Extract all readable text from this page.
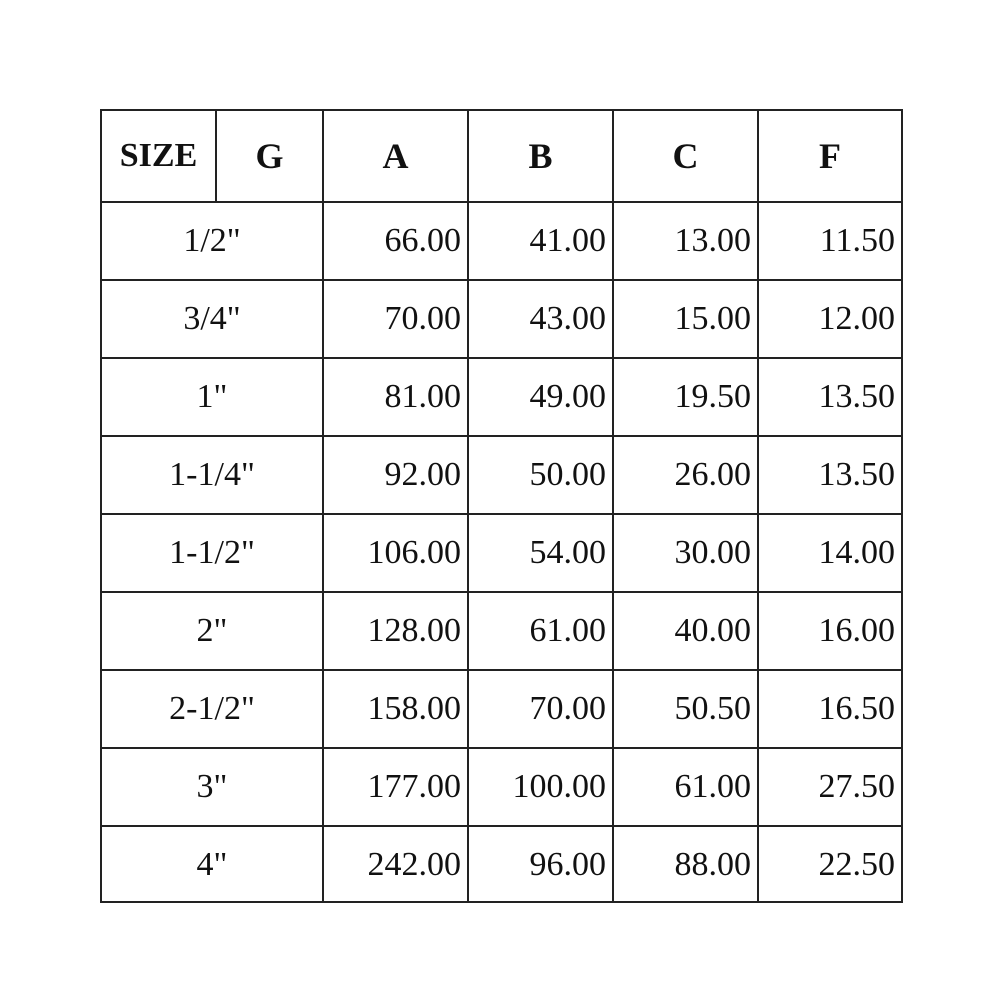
SIZE	G	A	B	C	F
1/2"	66.00	41.00	13.00	11.50
3/4"	70.00	43.00	15.00	12.00
1"	81.00	49.00	19.50	13.50
1-1/4"	92.00	50.00	26.00	13.50
1-1/2"	106.00	54.00	30.00	14.00
2"	128.00	61.00	40.00	16.00
2-1/2"	158.00	70.00	50.50	16.50
3"	177.00	100.00	61.00	27.50
4"	242.00	96.00	88.00	22.50
